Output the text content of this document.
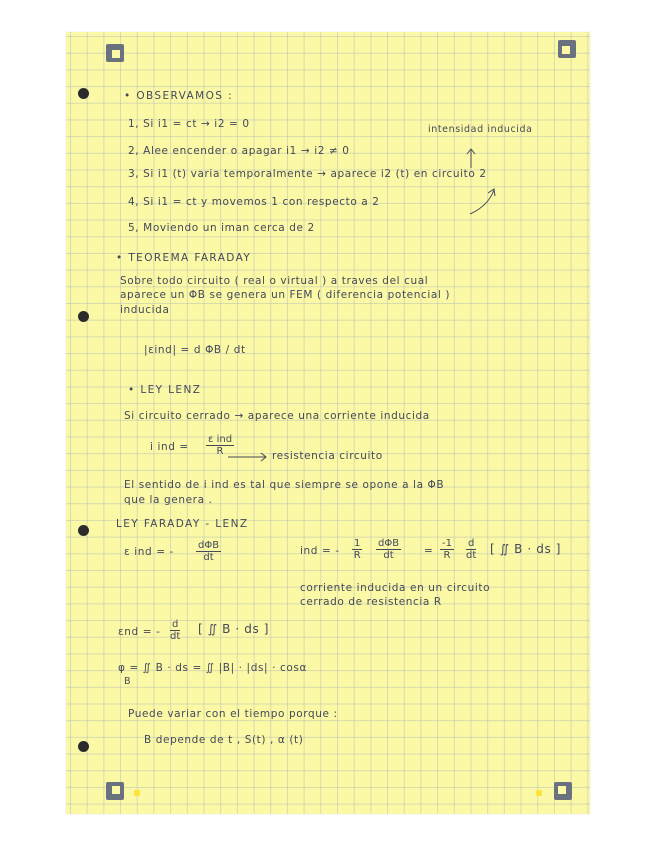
• OBSERVAMOS :
intensidad inducida
1, Si i1 = ct → i2 = 0
2, Alee encender o apagar i1 → i2 ≠ 0
3, Si i1 (t) varia temporalmente → aparece i2 (t) en circuito 2
4, Si i1 = ct y movemos 1 con respecto a 2
5, Moviendo un iman cerca de 2
• TEOREMA FARADAY
Sobre todo circuito ( real o virtual ) a traves del cual
aparece un ΦB se genera un FEM ( diferencia potencial )
inducida
|εind| = d ΦB / dt
• LEY LENZ
Si circuito cerrado → aparece una corriente inducida
i ind =
ε ind
R	resistencia circuito
El sentido de i ind es tal que siempre se opone a la ΦB
que la genera .
LEY FARADAY - LENZ
ε ind = -
dΦB
dt
ind = - $\frac{1}{R}$ dΦB
dt	= $\frac{-1}{R} \frac{d}{dt}$ [ ∬ B · ds ]
corriente inducida en un circuito
cerrado de resistencia R
εnd = - $\frac{d}{dt}$ [ ∬ B · ds ]
φ = ∬ B · ds = ∬ |B| · |ds| · cosα
B
Puede variar con el tiempo porque :
B depende de t , S(t) , α (t)
